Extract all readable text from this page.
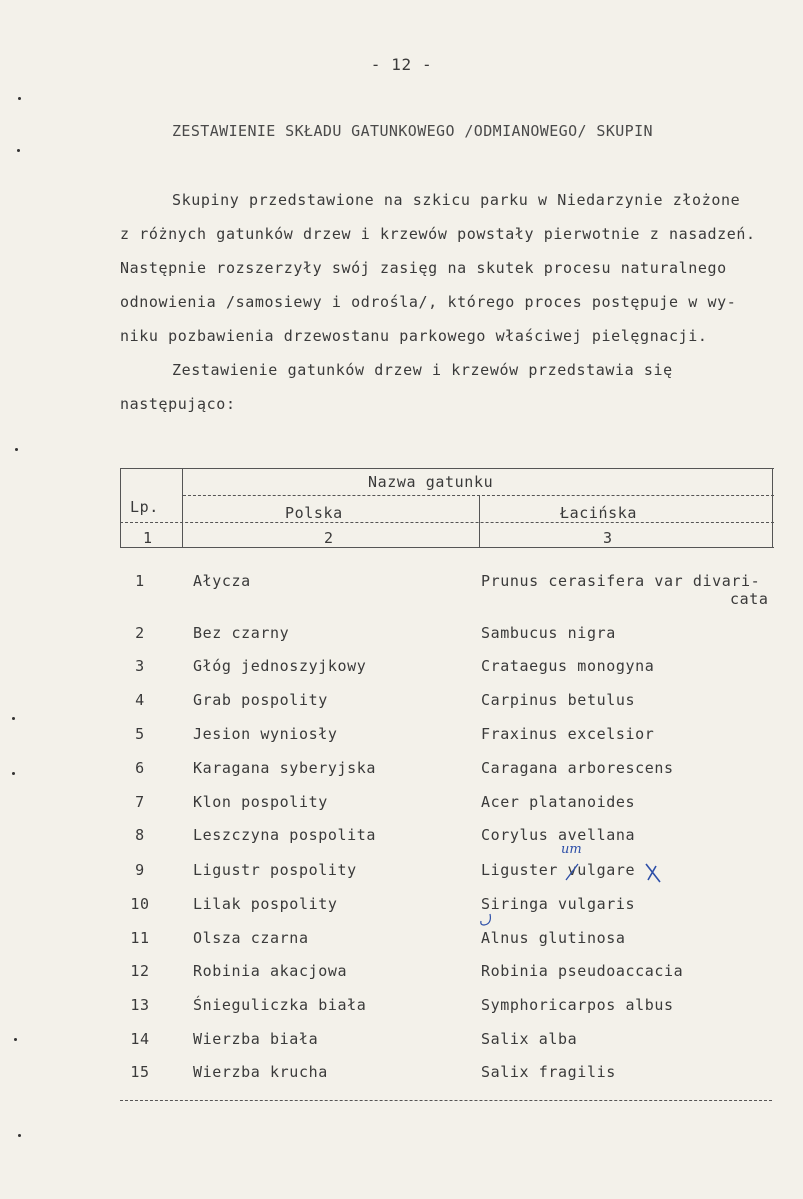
- 12 -
ZESTAWIENIE SKŁADU GATUNKOWEGO /ODMIANOWEGO/ SKUPIN
Skupiny przedstawione na szkicu parku w Niedarzynie złożone
z różnych gatunków drzew i krzewów powstały pierwotnie z nasadzeń.
Następnie rozszerzyły swój zasięg na skutek procesu naturalnego
odnowienia /samosiewy i odrośla/, którego proces postępuje w wy-
niku pozbawienia drzewostanu parkowego właściwej pielęgnacji.
Zestawienie gatunków drzew i krzewów przedstawia się
następująco:
Lp.
Nazwa gatunku
Polska	Łacińska
1	2	3
1	Ałycza	Prunus cerasifera var divari-
cata
2	Bez czarny	Sambucus nigra
3	Głóg jednoszyjkowy	Crataegus monogyna
4	Grab pospolity	Carpinus betulus
5	Jesion wyniosły	Fraxinus excelsior
6	Karagana syberyjska	Caragana arborescens
7	Klon pospolity	Acer platanoides
8	Leszczyna pospolita	Corylus avellana
9	Ligustr pospolity	Liguster vulgare
10	Lilak pospolity	Siringa vulgaris
11	Olsza czarna	Alnus glutinosa
12	Robinia akacjowa	Robinia pseudoaccacia
13	Śnieguliczka biała	Symphoricarpos albus
14	Wierzba biała	Salix alba
15	Wierzba krucha	Salix fragilis
um
